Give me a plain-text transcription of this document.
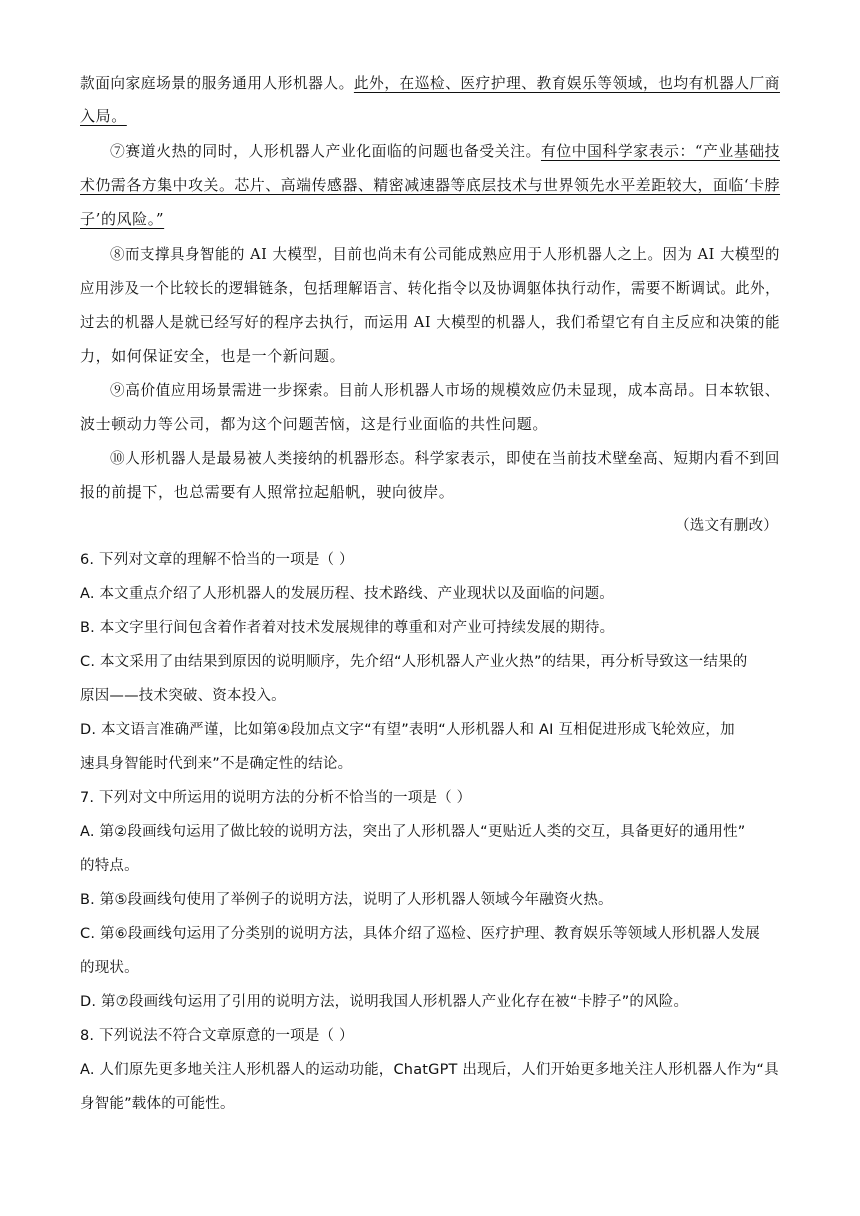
款面向家庭场景的服务通用人形机器人。此外，在巡检、医疗护理、教育娱乐等领域，也均有机器人厂商
入局。
⑦赛道火热的同时，人形机器人产业化面临的问题也备受关注。有位中国科学家表示：“产业基础技
术仍需各方集中攻关。芯片、高端传感器、精密减速器等底层技术与世界领先水平差距较大，面临‘卡脖
子’的风险。”
⑧而支撑具身智能的 AI 大模型，目前也尚未有公司能成熟应用于人形机器人之上。因为 AI 大模型的
应用涉及一个比较长的逻辑链条，包括理解语言、转化指令以及协调躯体执行动作，需要不断调试。此外，
过去的机器人是就已经写好的程序去执行，而运用 AI 大模型的机器人，我们希望它有自主反应和决策的能
力，如何保证安全，也是一个新问题。
⑨高价值应用场景需进一步探索。目前人形机器人市场的规模效应仍未显现，成本高昂。日本软银、
波士顿动力等公司，都为这个问题苦恼，这是行业面临的共性问题。
⑩人形机器人是最易被人类接纳的机器形态。科学家表示，即使在当前技术壁垒高、短期内看不到回
报的前提下，也总需要有人照常拉起船帆，驶向彼岸。
（选文有删改）
6. 下列对文章的理解不恰当的一项是（ ）
A. 本文重点介绍了人形机器人的发展历程、技术路线、产业现状以及面临的问题。
B. 本文字里行间包含着作者着对技术发展规律的尊重和对产业可持续发展的期待。
C. 本文采用了由结果到原因的说明顺序，先介绍“人形机器人产业火热”的结果，再分析导致这一结果的
原因——技术突破、资本投入。
D. 本文语言准确严谨，比如第④段加点文字“有望”表明“人形机器人和 AI 互相促进形成飞轮效应，加
速具身智能时代到来”不是确定性的结论。
7. 下列对文中所运用的说明方法的分析不恰当的一项是（ ）
A. 第②段画线句运用了做比较的说明方法，突出了人形机器人“更贴近人类的交互，具备更好的通用性”
的特点。
B. 第⑤段画线句使用了举例子的说明方法，说明了人形机器人领域今年融资火热。
C. 第⑥段画线句运用了分类别的说明方法，具体介绍了巡检、医疗护理、教育娱乐等领域人形机器人发展
的现状。
D. 第⑦段画线句运用了引用的说明方法，说明我国人形机器人产业化存在被“卡脖子”的风险。
8. 下列说法不符合文章原意的一项是（ ）
A. 人们原先更多地关注人形机器人的运动功能，ChatGPT 出现后，人们开始更多地关注人形机器人作为“具
身智能”载体的可能性。
